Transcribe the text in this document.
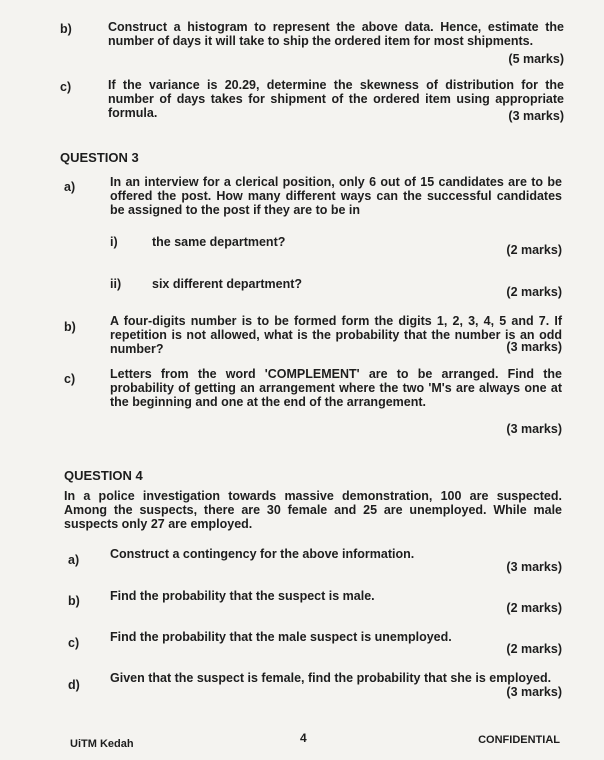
b)	Construct a histogram to represent the above data. Hence, estimate the number of days it will take to ship the ordered item for most shipments.
(5 marks)
c)	If the variance is 20.29, determine the skewness of distribution for the number of days takes for shipment of the ordered item using appropriate formula.	(3 marks)
QUESTION 3
a)	In an interview for a clerical position, only 6 out of 15 candidates are to be offered the post. How many different ways can the successful candidates be assigned to the post if they are to be in
i)	the same department?
(2 marks)
ii) six different department?
(2 marks)
b)	A four-digits number is to be formed form the digits 1, 2, 3, 4, 5 and 7. If repetition is not allowed, what is the probability that the number is an odd number?	(3 marks)
c)	Letters from the word 'COMPLEMENT' are to be arranged. Find the probability of getting an arrangement where the two 'M's are always one at the beginning and one at the end of the arrangement.
(3 marks)
QUESTION 4
In a police investigation towards massive demonstration, 100 are suspected. Among the suspects, there are 30 female and 25 are unemployed. While male suspects only 27 are employed.
a) Construct a contingency for the above information.
(3 marks)
b) Find the probability that the suspect is male.
(2 marks)
c) Find the probability that the male suspect is unemployed.
(2 marks)
d) Given that the suspect is female, find the probability that she is employed.
(3 marks)
UiTM Kedah	4	CONFIDENTIAL
